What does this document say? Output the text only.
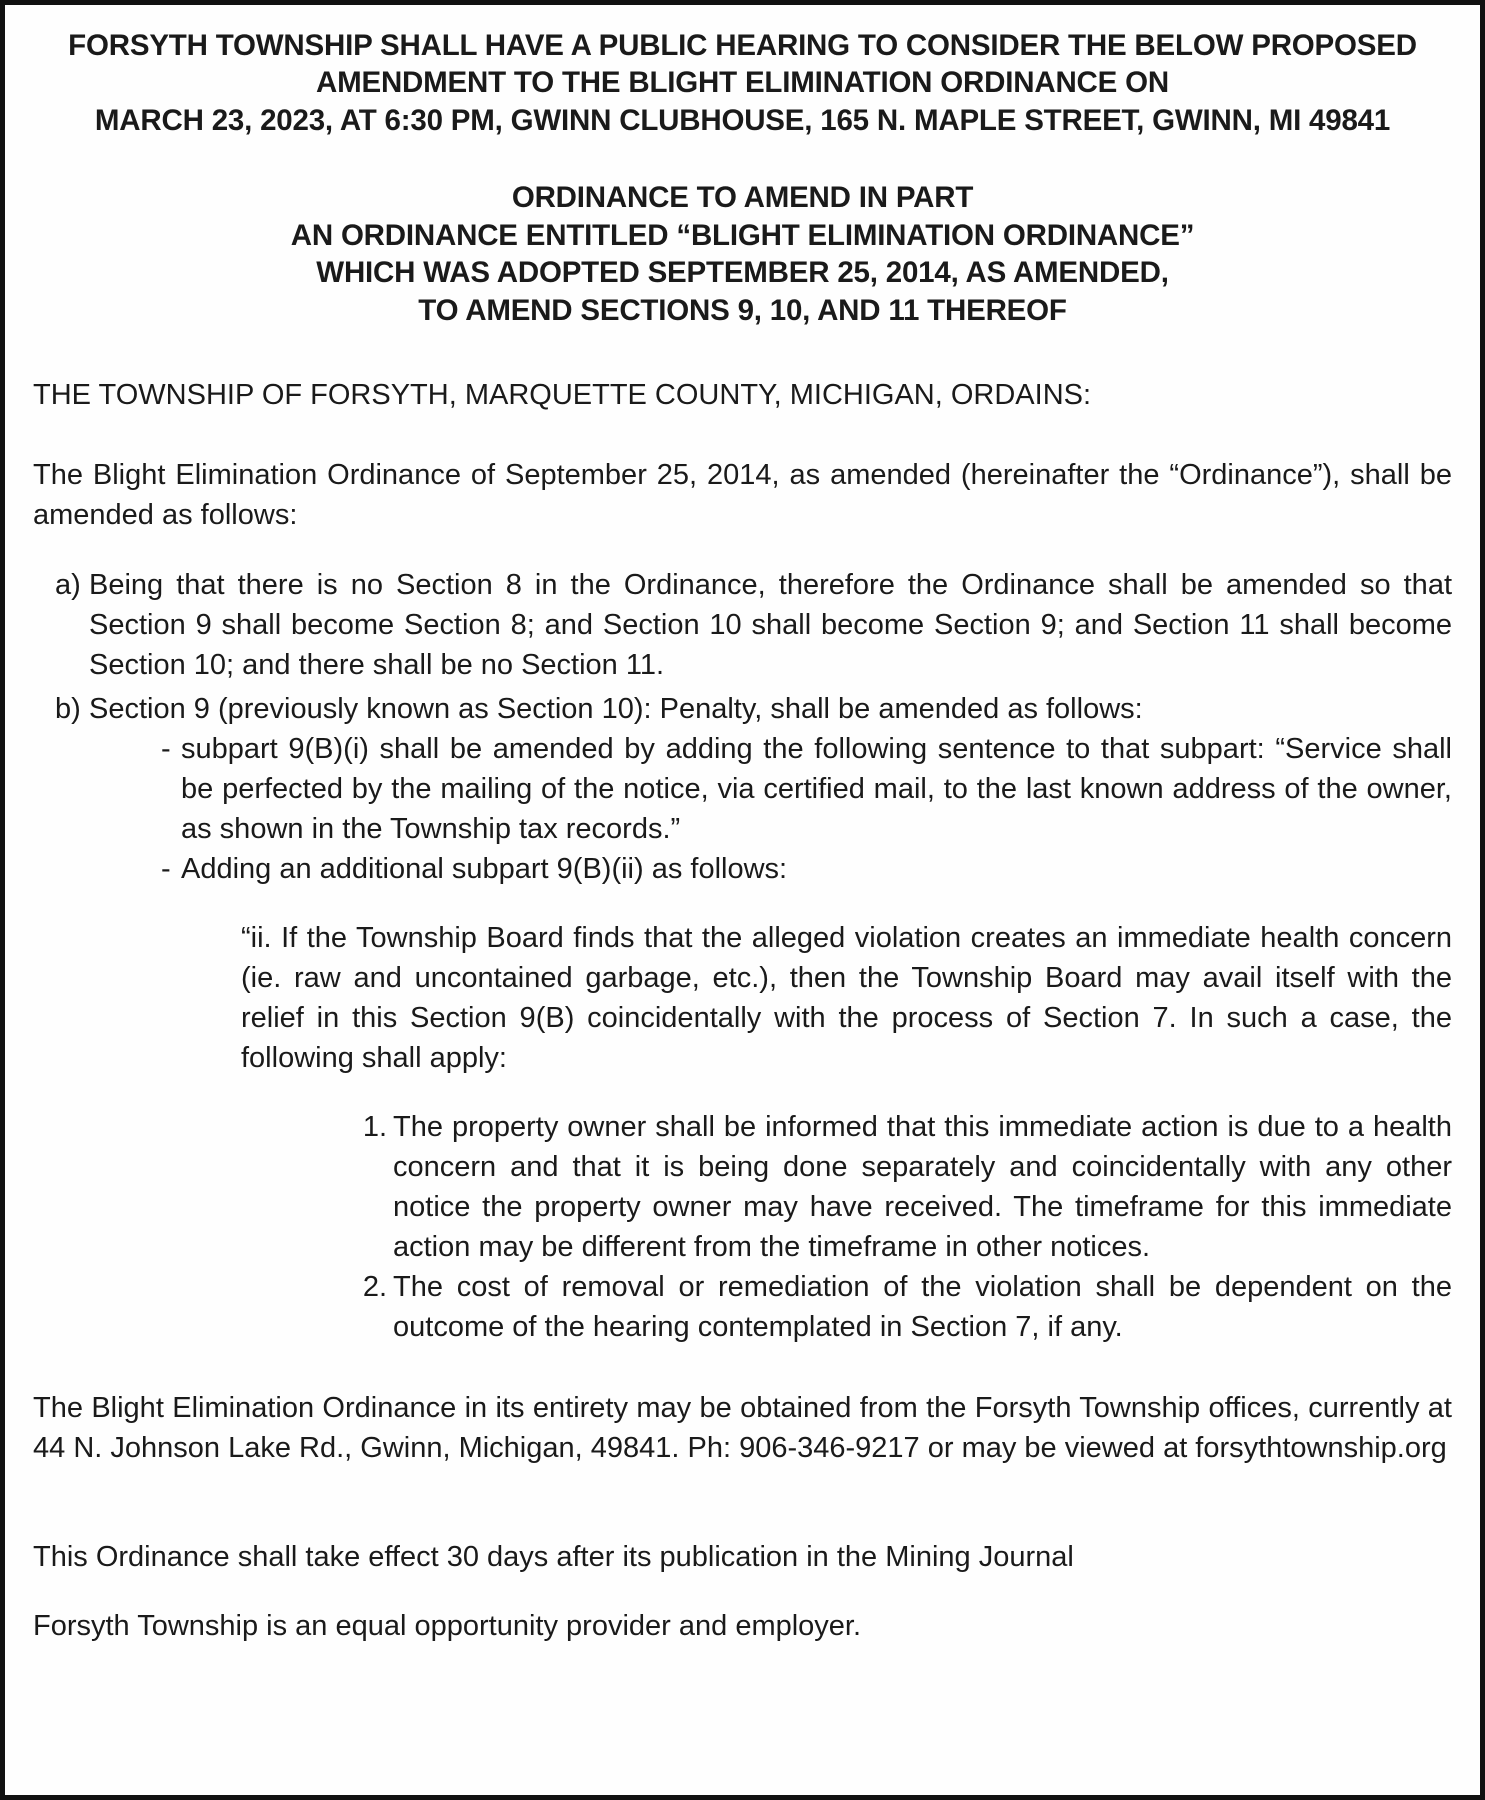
FORSYTH TOWNSHIP SHALL HAVE A PUBLIC HEARING TO CONSIDER THE BELOW PROPOSED
AMENDMENT TO THE BLIGHT ELIMINATION ORDINANCE ON
MARCH 23, 2023, AT 6:30 PM, GWINN CLUBHOUSE, 165 N. MAPLE STREET, GWINN, MI 49841
ORDINANCE TO AMEND IN PART
AN ORDINANCE ENTITLED “BLIGHT ELIMINATION ORDINANCE”
WHICH WAS ADOPTED SEPTEMBER 25, 2014, AS AMENDED,
TO AMEND SECTIONS 9, 10, AND 11 THEREOF

THE TOWNSHIP OF FORSYTH, MARQUETTE COUNTY, MICHIGAN, ORDAINS:

The Blight Elimination Ordinance of September 25, 2014, as amended (hereinafter the “Ordinance”), shall be amended as follows:

a) Being that there is no Section 8 in the Ordinance, therefore the Ordinance shall be amended so that Section 9 shall become Section 8; and Section 10 shall become Section 9; and Section 11 shall become Section 10; and there shall be no Section 11.
b) Section 9 (previously known as Section 10): Penalty, shall be amended as follows:
- subpart 9(B)(i) shall be amended by adding the following sentence to that subpart: “Service shall be perfected by the mailing of the notice, via certified mail, to the last known address of the owner, as shown in the Township tax records.”
- Adding an additional subpart 9(B)(ii) as follows:

“ii. If the Township Board finds that the alleged violation creates an immediate health concern (ie. raw and uncontained garbage, etc.), then the Township Board may avail itself with the relief in this Section 9(B) coincidentally with the process of Section 7. In such a case, the following shall apply:

1. The property owner shall be informed that this immediate action is due to a health concern and that it is being done separately and coincidentally with any other notice the property owner may have received. The timeframe for this immediate action may be different from the timeframe in other notices.
2. The cost of removal or remediation of the violation shall be dependent on the outcome of the hearing contemplated in Section 7, if any.

The Blight Elimination Ordinance in its entirety may be obtained from the Forsyth Township offices, currently at 44 N. Johnson Lake Rd., Gwinn, Michigan, 49841. Ph: 906-346-9217 or may be viewed at forsythtownship.org

This Ordinance shall take effect 30 days after its publication in the Mining Journal

Forsyth Township is an equal opportunity provider and employer.
